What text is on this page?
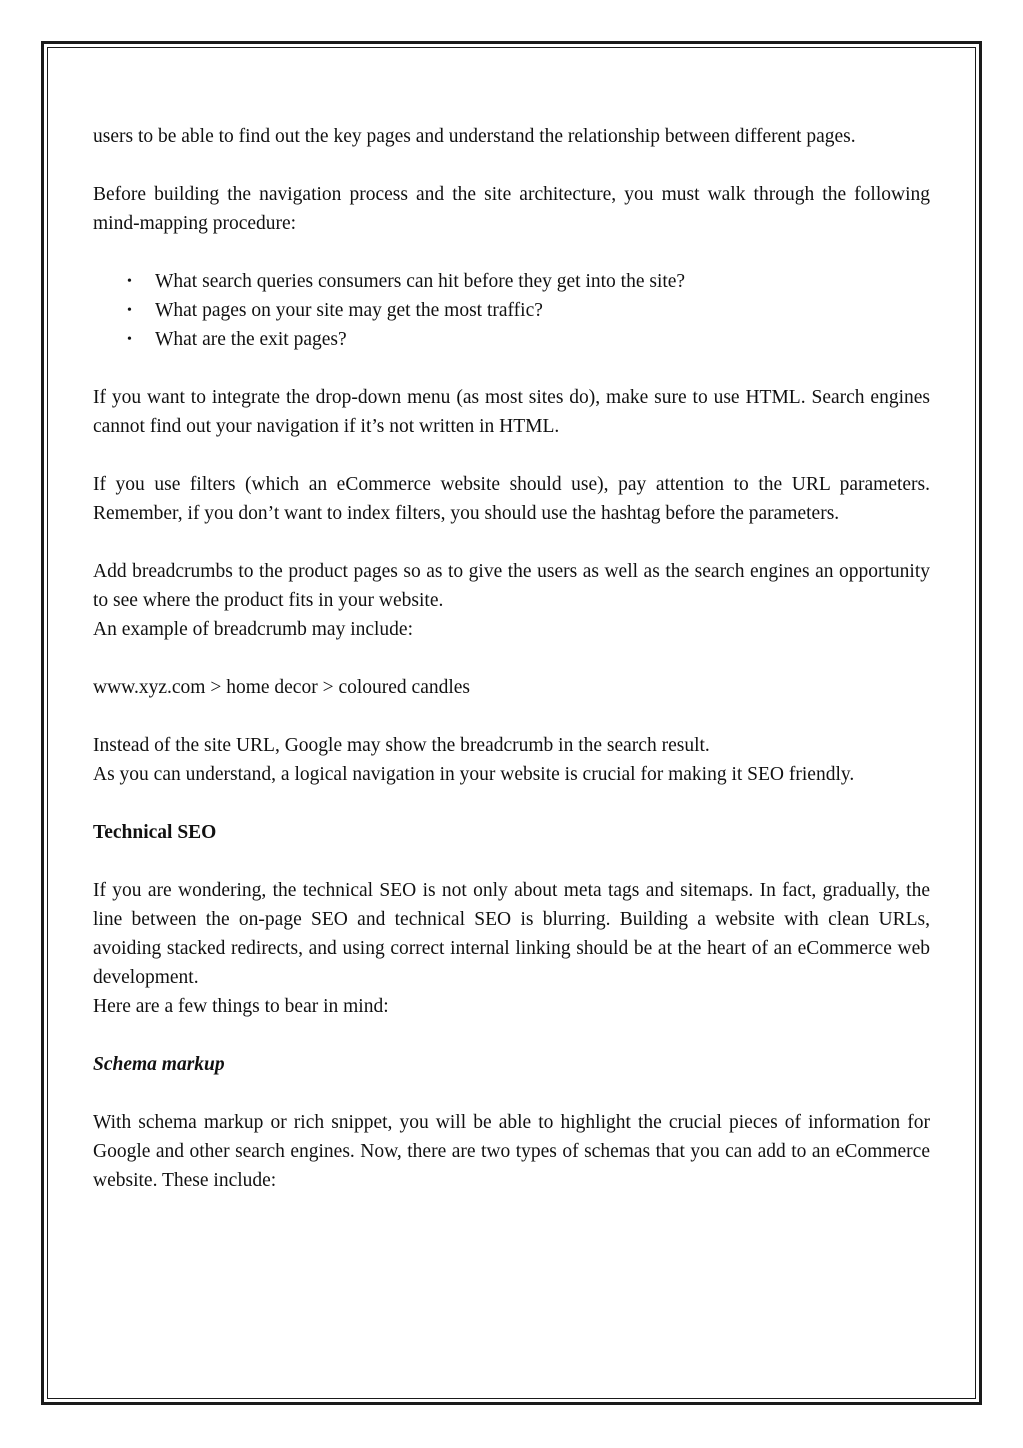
users to be able to find out the key pages and understand the relationship between different pages.

Before building the navigation process and the site architecture, you must walk through the following mind-mapping procedure:

• What search queries consumers can hit before they get into the site?
• What pages on your site may get the most traffic?
• What are the exit pages?

If you want to integrate the drop-down menu (as most sites do), make sure to use HTML. Search engines cannot find out your navigation if it’s not written in HTML.

If you use filters (which an eCommerce website should use), pay attention to the URL parameters. Remember, if you don’t want to index filters, you should use the hashtag before the parameters.

Add breadcrumbs to the product pages so as to give the users as well as the search engines an opportunity to see where the product fits in your website.

An example of breadcrumb may include:

www.xyz.com > home decor > coloured candles

Instead of the site URL, Google may show the breadcrumb in the search result.

As you can understand, a logical navigation in your website is crucial for making it SEO friendly.

Technical SEO

If you are wondering, the technical SEO is not only about meta tags and sitemaps. In fact, gradually, the line between the on-page SEO and technical SEO is blurring. Building a website with clean URLs, avoiding stacked redirects, and using correct internal linking should be at the heart of an eCommerce web development.

Here are a few things to bear in mind:

Schema markup

With schema markup or rich snippet, you will be able to highlight the crucial pieces of information for Google and other search engines. Now, there are two types of schemas that you can add to an eCommerce website. These include:
